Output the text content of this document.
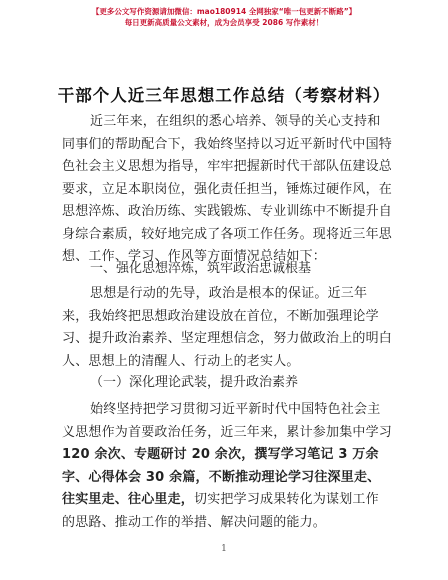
【更多公文写作资源请加微信：mao180914 全网独家“唯一包更新不断路”】
每日更新高质量公文素材，成为会员享受 2086 写作素材！
干部个人近三年思想工作总结（考察材料）

近三年来，在组织的悉心培养、领导的关心支持和同事们的帮助配合下，我始终坚持以习近平新时代中国特色社会主义思想为指导，牢牢把握新时代干部队伍建设总要求，立足本职岗位，强化责任担当，锤炼过硬作风，在思想淬炼、政治历练、实践锻炼、专业训练中不断提升自身综合素质，较好地完成了各项工作任务。现将近三年思想、工作、学习、作风等方面情况总结如下：

一、强化思想淬炼，筑牢政治忠诚根基

思想是行动的先导，政治是根本的保证。近三年来，我始终把思想政治建设放在首位，不断加强理论学习、提升政治素养、坚定理想信念，努力做政治上的明白人、思想上的清醒人、行动上的老实人。

（一）深化理论武装，提升政治素养

始终坚持把学习贯彻习近平新时代中国特色社会主义思想作为首要政治任务，近三年来，累计参加集中学习120 余次、专题研讨 20 余次，撰写学习笔记 3 万余字、心得体会 30 余篇，不断推动理论学习往深里走、往实里走、往心里走，切实把学习成果转化为谋划工作的思路、推动工作的举措、解决问题的能力。

1
